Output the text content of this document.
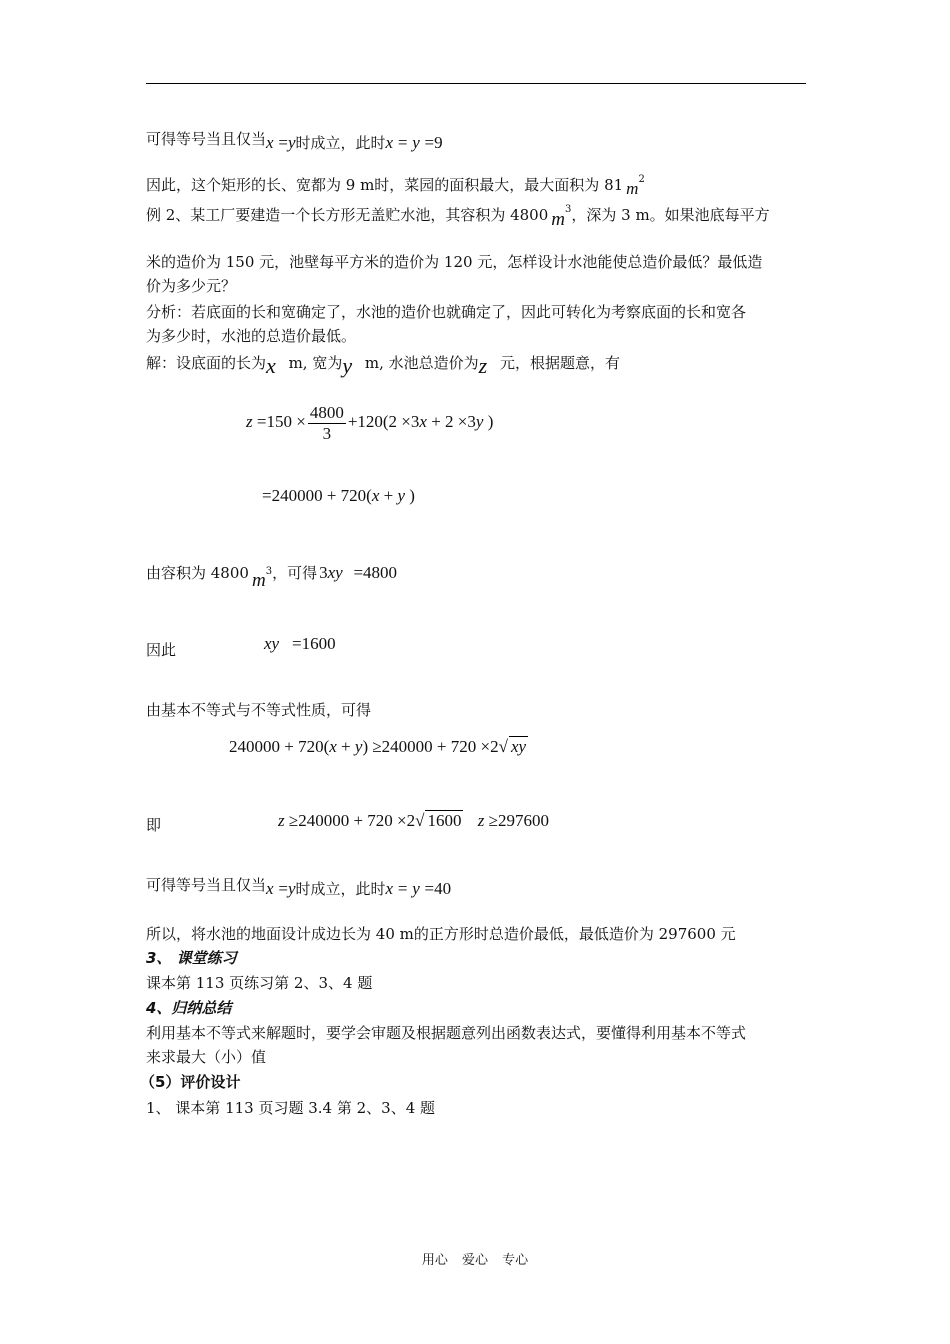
可得等号当且仅当x =y时成立，此时x = y =9
因此，这个矩形的长、宽都为 9 m时，菜园的面积最大，最大面积为 81 $m^2$
例 2、某工厂要建造一个长方形无盖贮水池，其容积为 4800 $m^3$，深为 3 m。如果池底每平方
米的造价为 150 元，池壁每平方米的造价为 120 元，怎样设计水池能使总造价最低？最低造
价为多少元？
分析：若底面的长和宽确定了，水池的造价也就确定了，因此可转化为考察底面的长和宽各
为多少时，水池的总造价最低。
解：设底面的长为x m, 宽为y m, 水池总造价为z 元，根据题意，有
$z =150 \times \frac{4800}{3} +120(2 \times 3x + 2 \times 3y$ )
=240000 + 720(x + y )
由容积为 4800 $m^3$，可得 3xy =4800
因此	xy =1600
由基本不等式与不等式性质，可得
240000 + 720(x + y) ≥240000 + 720 ×2√ xy
即	z ≥240000 + 720 ×2√ 1600 z ≥297600
可得等号当且仅当x =y时成立，此时x = y =40
所以，将水池的地面设计成边长为 40 m的正方形时总造价最低，最低造价为 297600 元
3、 课堂练习
课本第 113 页练习第 2、3、4 题
4、归纳总结
利用基本不等式来解题时，要学会审题及根据题意列出函数表达式，要懂得利用基本不等式
来求最大（小）值
（5）评价设计
1、 课本第 113 页习题 3.4 第 2、3、4 题
用心 爱心 专心
